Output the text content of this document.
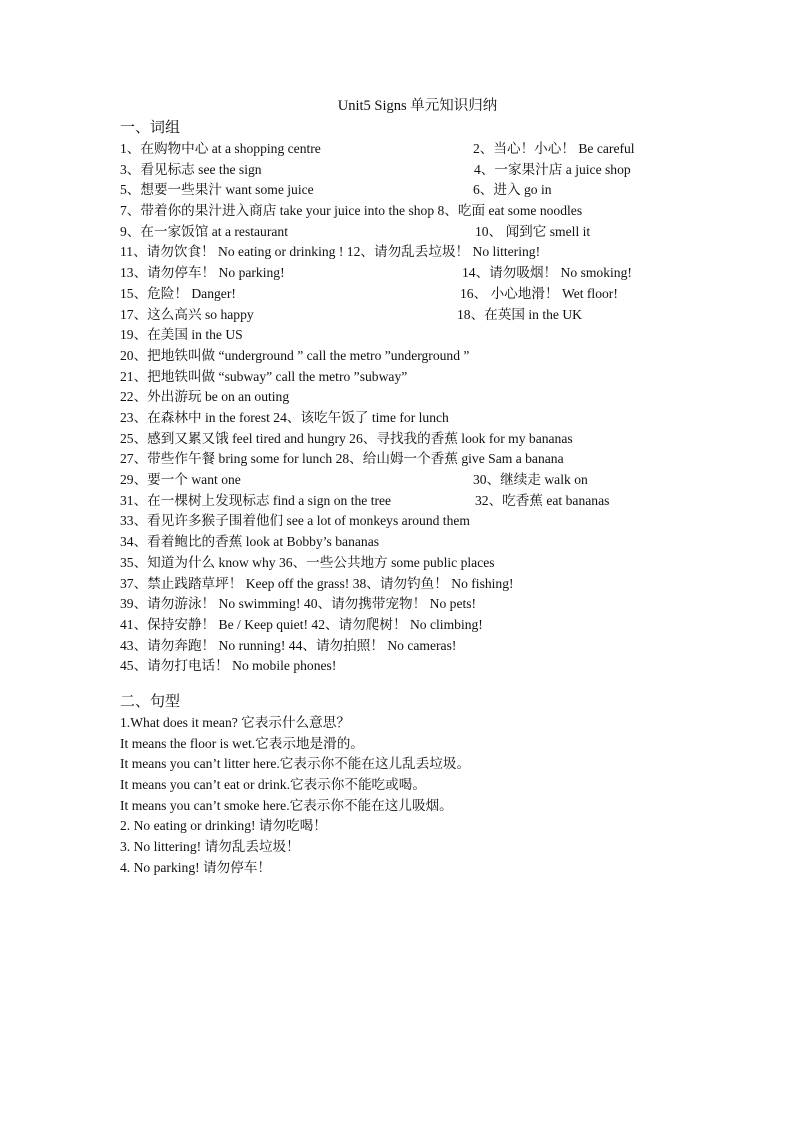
Unit5 Signs 单元知识归纳
一、词组
1、在购物中心 at a shopping centre	2、当心！小心！ Be careful
3、看见标志 see the sign	4、一家果汁店 a juice shop
5、想要一些果汁 want some juice	6、进入 go in
7、带着你的果汁进入商店 take your juice into the shop 8、吃面 eat some noodles
9、在一家饭馆 at a restaurant	10、 闻到它 smell it
11、请勿饮食！ No eating or drinking ! 12、请勿乱丢垃圾！ No littering!
13、请勿停车！ No parking!	14、请勿吸烟！ No smoking!
15、危险！ Danger!	16、 小心地滑！ Wet floor!
17、这么高兴 so happy	18、在英国 in the UK
19、在美国 in the US
20、把地铁叫做 “underground ” call the metro ”underground ”
21、把地铁叫做 “subway” call the metro ”subway”
22、外出游玩 be on an outing
23、在森林中 in the forest 24、该吃午饭了 time for lunch
25、感到又累又饿 feel tired and hungry 26、寻找我的香蕉 look for my bananas
27、带些作午餐 bring some for lunch 28、给山姆一个香蕉 give Sam a banana
29、要一个 want one	30、继续走 walk on
31、在一棵树上发现标志 find a sign on the tree	32、吃香蕉 eat bananas
33、看见许多猴子围着他们 see a lot of monkeys around them
34、看着鲍比的香蕉 look at Bobby’s bananas
35、知道为什么 know why 36、一些公共地方 some public places
37、禁止践踏草坪！ Keep off the grass! 38、请勿钓鱼！ No fishing!
39、请勿游泳！ No swimming! 40、请勿携带宠物！ No pets!
41、保持安静！ Be / Keep quiet! 42、请勿爬树！ No climbing!
43、请勿奔跑！ No running! 44、请勿拍照！ No cameras!
45、请勿打电话！ No mobile phones!
二、句型
1.What does it mean? 它表示什么意思？
It means the floor is wet.它表示地是滑的。
It means you can’t litter here.它表示你不能在这儿乱丢垃圾。
It means you can’t eat or drink.它表示你不能吃或喝。
It means you can’t smoke here.它表示你不能在这儿吸烟。
2. No eating or drinking! 请勿吃喝！
3. No littering! 请勿乱丢垃圾！
4. No parking! 请勿停车！
